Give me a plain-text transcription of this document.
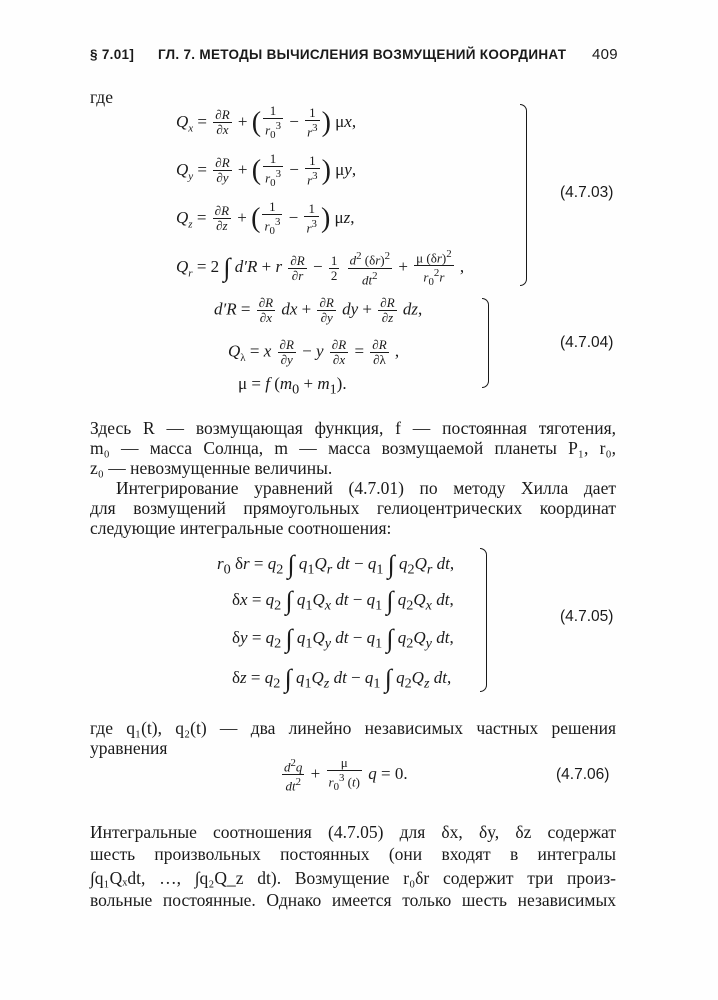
§ 7.01] ГЛ. 7. МЕТОДЫ ВЫЧИСЛЕНИЯ ВОЗМУЩЕНИЙ КООРДИНАТ 409
где
$Q_x = \frac{\partial R}{\partial x}$ + ( $\frac{1}{r_0^3} - \frac{1}{r^3}$ ) μx,
$Q_y = \frac{\partial R}{\partial y}$ + ( $\frac{1}{r_0^3} - \frac{1}{r^3}$ ) μy,
$Q_z = \frac{\partial R}{\partial z}$ + ( $\frac{1}{r_0^3} - \frac{1}{r^3}$ ) μz,
$Q_r = 2$ ∫ d′R + r $\frac{\partial R}{\partial r} - \frac{1}{2}$
$\frac{d^2 (\delta r)^2}{dt^2} + \frac{\mu (\delta r)^2}{r_0^2r}$ ,
(4.7.03)
$d'R = \frac{\partial R}{\partial x}$ dx + $\frac{\partial R}{\partial y}$ dy + $\frac{\partial R}{\partial z}$ dz,
$Q_\lambda = x \frac{\partial R}{\partial y} - y \frac{\partial R}{\partial x} = \frac{\partial R}{\partial\lambda}$ ,
μ = f $(m_0 + m_1)$.
(4.7.04)
Здесь R — возмущающая функция, f — постоянная тяготения,
m₀ — масса Солнца, m — масса возмущаемой планеты P₁, r₀,
z₀ — невозмущенные величины.
Интегрирование уравнений (4.7.01) по методу Хилла дает
для возмущений прямоугольных гелиоцентрических координат
следующие интегральные соотношения:
$r_0$ $\delta r = q_2$ ∫ $q_1Q_r$ dt − $q_1$ ∫ $q_2Q_r$ dt,
$\delta x = q_2$ ∫ $q_1Q_x$ dt − $q_1$ ∫ $q_2Q_x$ dt,
$\delta y = q_2$ ∫ $q_1Q_y$ dt − $q_1$ ∫ $q_2Q_y$ dt,
$\delta z = q_2$ ∫ $q_1Q_z$ dt − $q_1$ ∫ $q_2Q_z$ dt,
(4.7.05)
где q₁(t), q₂(t) — два линейно независимых частных решения
уравнения
$\frac{d^2q}{dt^2} + \frac{\mu}{r_0^3 (t)}$ q = 0.	(4.7.06)
Интегральные соотношения (4.7.05) для δx, δy, δz содержат
шесть произвольных постоянных (они входят в интегралы
∫q₁Qₓdt, …, ∫q₂Q_z dt). Возмущение r₀δr содержит три произ-
вольные постоянные. Однако имеется только шесть независимых
